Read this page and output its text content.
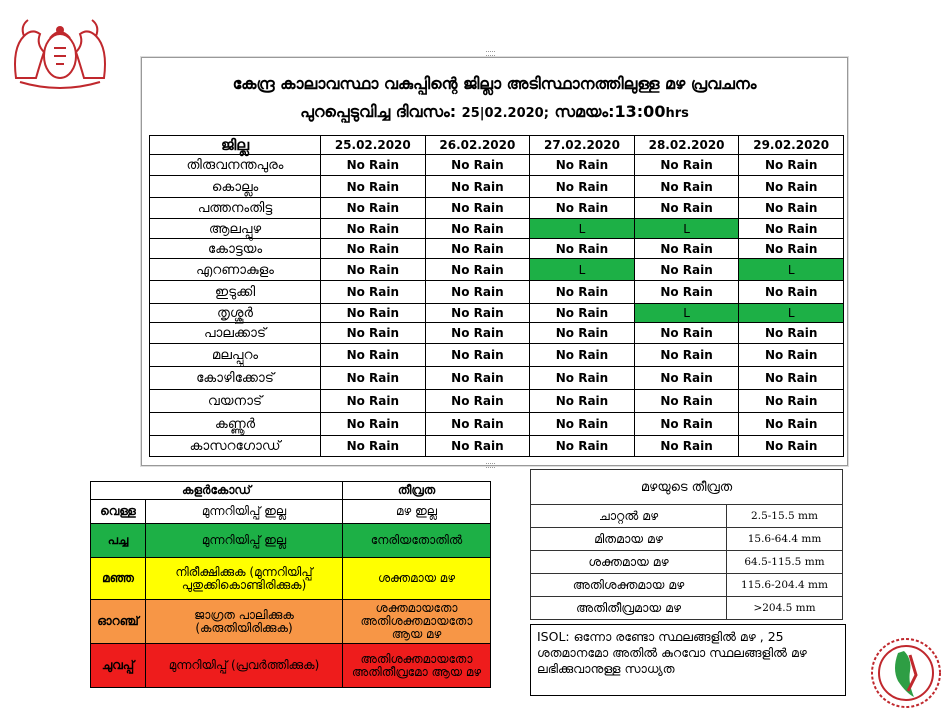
കേന്ദ്ര കാലാവസ്ഥാ വകുപ്പിന്റെ ജില്ലാ അടിസ്ഥാനത്തിലുള്ള മഴ പ്രവചനം
പുറപ്പെടുവിച്ച ദിവസം: 25|02.2020; സമയം:13:00hrs
ജില്ല	25.02.2020	26.02.2020	27.02.2020	28.02.2020	29.02.2020
തിരുവനന്തപുരം	No Rain	No Rain	No Rain	No Rain	No Rain
കൊല്ലം	No Rain	No Rain	No Rain	No Rain	No Rain
പത്തനംതിട്ട	No Rain	No Rain	No Rain	No Rain	No Rain
ആലപ്പുഴ	No Rain	No Rain	L	L	No Rain
കോട്ടയം	No Rain	No Rain	No Rain	No Rain	No Rain
എറണാകുളം	No Rain	No Rain	L	No Rain	L
ഇടുക്കി	No Rain	No Rain	No Rain	No Rain	No Rain
തൃശ്ശൂർ	No Rain	No Rain	No Rain	L	L
പാലക്കാട്	No Rain	No Rain	No Rain	No Rain	No Rain
മലപ്പുറം	No Rain	No Rain	No Rain	No Rain	No Rain
കോഴിക്കോട്	No Rain	No Rain	No Rain	No Rain	No Rain
വയനാട്	No Rain	No Rain	No Rain	No Rain	No Rain
കണ്ണൂർ	No Rain	No Rain	No Rain	No Rain	No Rain
കാസറഗോഡ്	No Rain	No Rain	No Rain	No Rain	No Rain
കളർകോഡ്		തീവ്രത
വെള്ള	മുന്നറിയിപ്പ് ഇല്ല	മഴ ഇല്ല
പച്ച	മുന്നറിയിപ്പ് ഇല്ല	നേരിയതോതിൽ
മഞ്ഞ	നിരീക്ഷിക്കുക (മുന്നറിയിപ്പ് പുതുക്കികൊണ്ടിരിക്കുക)	ശക്തമായ മഴ
ഓറഞ്ച്	ജാഗ്രത പാലിക്കുക (കരുതിയിരിക്കുക)	ശക്തമായതോ അതിശക്തമായതോ ആയ മഴ
ചുവപ്പ്	മുന്നറിയിപ്പ് (പ്രവർത്തിക്കുക)	അതിശക്തമായതോ അതിതീവ്രമോ ആയ മഴ
മഴയുടെ തീവ്രത	
ചാറ്റൽ മഴ	2.5-15.5 mm
മിതമായ മഴ	15.6-64.4 mm
ശക്തമായ മഴ	64.5-115.5 mm
അതിശക്തമായ മഴ	115.6-204.4 mm
അതിതീവ്രമായ മഴ	>204.5 mm
ISOL: ഒന്നോ രണ്ടോ സ്ഥലങ്ങളിൽ മഴ , 25 ശതമാനമോ അതിൽ കുറവോ സ്ഥലങ്ങളിൽ മഴ ലഭിക്കുവാനുള്ള സാധ്യത
